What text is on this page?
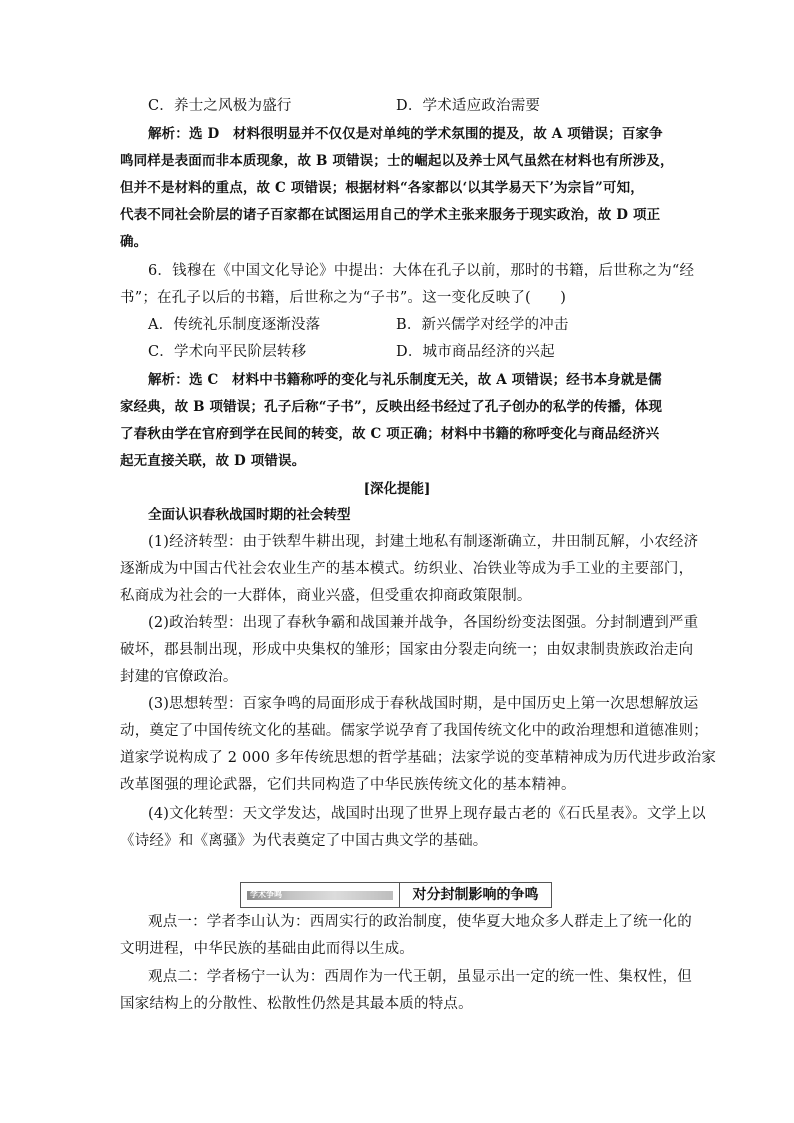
C．养士之风极为盛行	D．学术适应政治需要
解析：选 D　材料很明显并不仅仅是对单纯的学术氛围的提及，故 A 项错误；百家争
鸣同样是表面而非本质现象，故 B 项错误；士的崛起以及养士风气虽然在材料也有所涉及，
但并不是材料的重点，故 C 项错误；根据材料“各家都以‘以其学易天下’为宗旨”可知，
代表不同社会阶层的诸子百家都在试图运用自己的学术主张来服务于现实政治，故 D 项正
确。
6．钱穆在《中国文化导论》中提出：大体在孔子以前，那时的书籍，后世称之为“经
书”；在孔子以后的书籍，后世称之为“子书”。这一变化反映了(　　)
A．传统礼乐制度逐渐没落	B．新兴儒学对经学的冲击
C．学术向平民阶层转移	D．城市商品经济的兴起
解析：选 C　材料中书籍称呼的变化与礼乐制度无关，故 A 项错误；经书本身就是儒
家经典，故 B 项错误；孔子后称“子书”，反映出经书经过了孔子创办的私学的传播，体现
了春秋由学在官府到学在民间的转变，故 C 项正确；材料中书籍的称呼变化与商品经济兴
起无直接关联，故 D 项错误。
[深化提能]
全面认识春秋战国时期的社会转型
(1)经济转型：由于铁犁牛耕出现，封建土地私有制逐渐确立，井田制瓦解，小农经济
逐渐成为中国古代社会农业生产的基本模式。纺织业、冶铁业等成为手工业的主要部门，
私商成为社会的一大群体，商业兴盛，但受重农抑商政策限制。
(2)政治转型：出现了春秋争霸和战国兼并战争，各国纷纷变法图强。分封制遭到严重
破坏，郡县制出现，形成中央集权的雏形；国家由分裂走向统一；由奴隶制贵族政治走向
封建的官僚政治。
(3)思想转型：百家争鸣的局面形成于春秋战国时期，是中国历史上第一次思想解放运
动，奠定了中国传统文化的基础。儒家学说孕育了我国传统文化中的政治理想和道德准则；
道家学说构成了 2 000 多年传统思想的哲学基础；法家学说的变革精神成为历代进步政治家
改革图强的理论武器，它们共同构造了中华民族传统文化的基本精神。
(4)文化转型：天文学发达，战国时出现了世界上现存最古老的《石氏星表》。文学上以
《诗经》和《离骚》为代表奠定了中国古典文学的基础。
学术争鸣	对分封制影响的争鸣
观点一：学者李山认为：西周实行的政治制度，使华夏大地众多人群走上了统一化的
文明进程，中华民族的基础由此而得以生成。
观点二：学者杨宁一认为：西周作为一代王朝，虽显示出一定的统一性、集权性，但
国家结构上的分散性、松散性仍然是其最本质的特点。
